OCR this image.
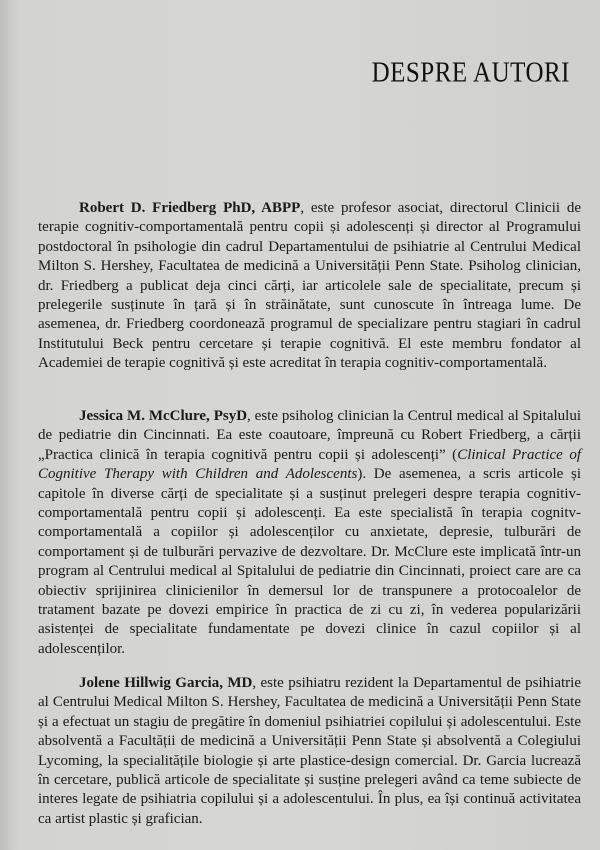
DESPRE AUTORI

Robert D. Friedberg PhD, ABPP, este profesor asociat, directorul Clinicii de terapie cognitiv-comportamentală pentru copii și adolescenți și director al Programului postdoctoral în psihologie din cadrul Departamentului de psihiatrie al Centrului Medical Milton S. Hershey, Facultatea de medicină a Universității Penn State. Psiholog clinician, dr. Friedberg a publicat deja cinci cărți, iar articolele sale de specialitate, precum și prelegerile susținute în țară și în străinătate, sunt cunoscute în întreaga lume. De asemenea, dr. Friedberg coordonează programul de specializare pentru stagiari în cadrul Institutului Beck pentru cercetare și terapie cognitivă. El este membru fondator al Academiei de terapie cognitivă și este acreditat în terapia cognitiv-comportamentală.

Jessica M. McClure, PsyD, este psiholog clinician la Centrul medical al Spitalului de pediatrie din Cincinnati. Ea este coautoare, împreună cu Robert Friedberg, a cărții „Practica clinică în terapia cognitivă pentru copii și adolescenți” (Clinical Practice of Cognitive Therapy with Children and Adolescents). De asemenea, a scris articole și capitole în diverse cărți de specialitate și a susținut prelegeri despre terapia cognitiv-comportamentală pentru copii și adolescenți. Ea este specialistă în terapia cognitv-comportamentală a copiilor și adolescenților cu anxietate, depresie, tulburări de comportament și de tulburări pervazive de dezvoltare. Dr. McClure este implicată într-un program al Centrului medical al Spitalului de pediatrie din Cincinnati, proiect care are ca obiectiv sprijinirea clinicienilor în demersul lor de transpunere a protocoalelor de tratament bazate pe dovezi empirice în practica de zi cu zi, în vederea popularizării asistenței de specialitate fundamentate pe dovezi clinice în cazul copiilor și al adolescenților.

Jolene Hillwig Garcia, MD, este psihiatru rezident la Departamentul de psihiatrie al Centrului Medical Milton S. Hershey, Facultatea de medicină a Universității Penn State și a efectuat un stagiu de pregătire în domeniul psihiatriei copilului și adolescentului. Este absolventă a Facultății de medicină a Universității Penn State și absolventă a Colegiului Lycoming, la specialitățile biologie și arte plastice-design comercial. Dr. Garcia lucrează în cercetare, publică articole de specialitate și susține prelegeri având ca teme subiecte de interes legate de psihiatria copilului și a adolescentului. În plus, ea își continuă activitatea ca artist plastic și grafician.
